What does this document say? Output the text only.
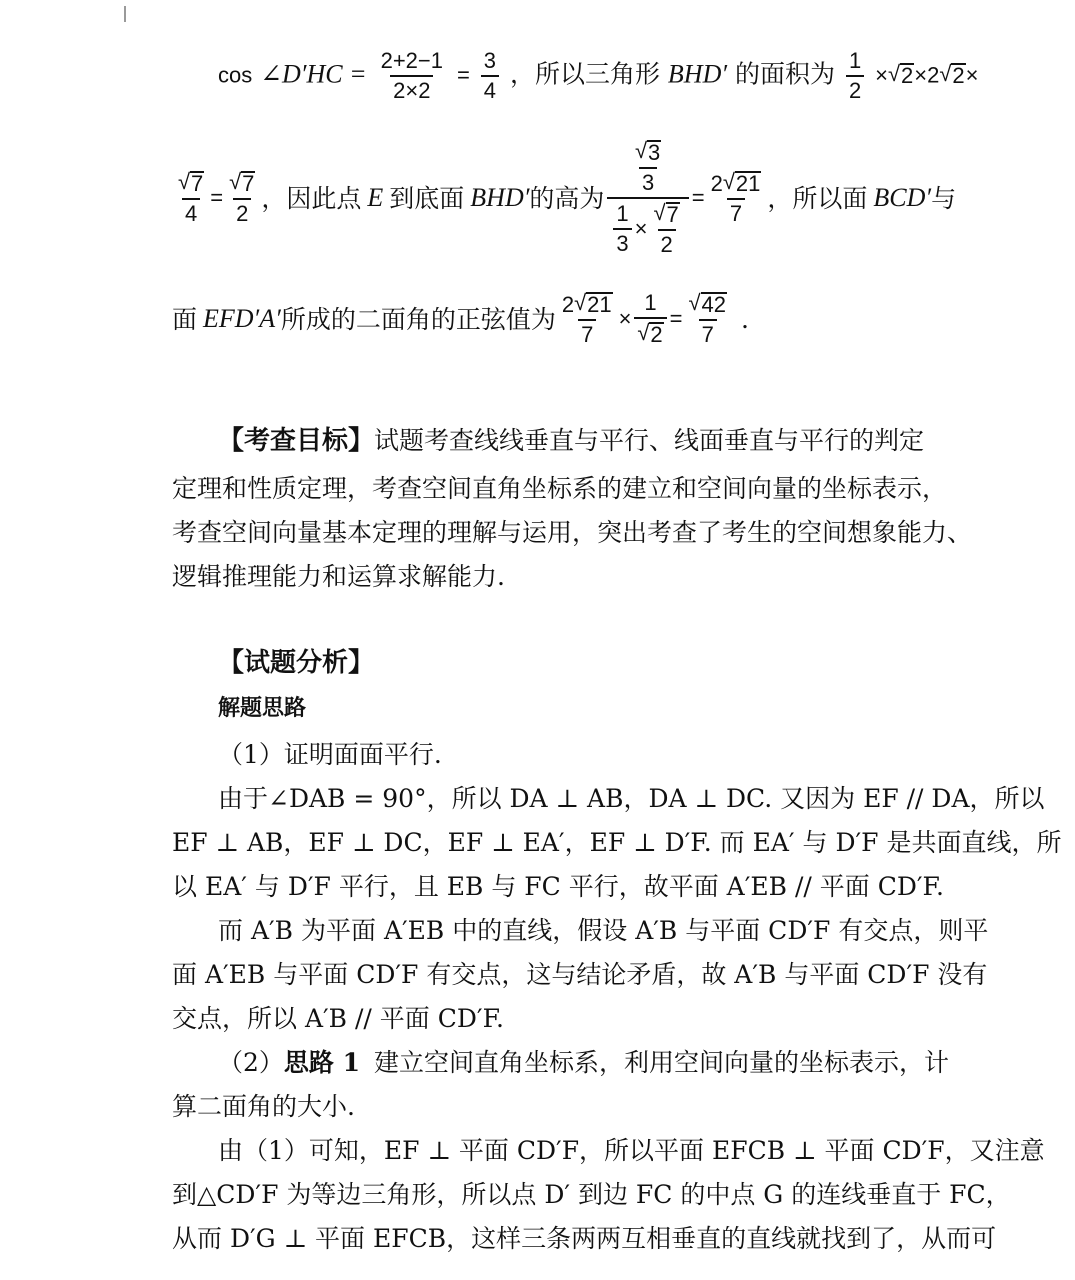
cos ∠D′HC = $\frac{2+2-1}{2\times 2} = \frac{3}{4}$ ，所以三角形 BHD′ 的面积为 $\frac{1}{2}$ ×√ 2×2√ 2×
√ $\frac{7}{4}$ =
√ $\frac{7}{2}$ ，因此点 E 到底面 BHD′ 的高为
√ $\frac{3}{3}$
$\frac{1}{3}$ ×
√ $\frac{7}{2} = \frac{2√ 21}{7}$ ，所以面 BCD′ 与
面 EFD′A′ 所成的二面角的正弦值为 $\frac{2√ 21}{7} \times 1$
√ 2 =
√ $\frac{42}{7}$ .
【考查目标】试题考查线线垂直与平行、线面垂直与平行的判定
定理和性质定理，考查空间直角坐标系的建立和空间向量的坐标表示，
考查空间向量基本定理的理解与运用，突出考查了考生的空间想象能力、
逻辑推理能力和运算求解能力.
【试题分析】
解题思路
（1）证明面面平行.
由于∠DAB = 90°，所以 DA ⊥ AB，DA ⊥ DC. 又因为 EF // DA，所以
EF ⊥ AB，EF ⊥ DC，EF ⊥ EA′，EF ⊥ D′F. 而 EA′ 与 D′F 是共面直线，所
以 EA′ 与 D′F 平行，且 EB 与 FC 平行，故平面 A′EB // 平面 CD′F.
而 A′B 为平面 A′EB 中的直线，假设 A′B 与平面 CD′F 有交点，则平
面 A′EB 与平面 CD′F 有交点，这与结论矛盾，故 A′B 与平面 CD′F 没有
交点，所以 A′B // 平面 CD′F.
（2）思路 1 建立空间直角坐标系，利用空间向量的坐标表示，计
算二面角的大小.
由（1）可知，EF ⊥ 平面 CD′F，所以平面 EFCB ⊥ 平面 CD′F，又注意
到△CD′F 为等边三角形，所以点 D′ 到边 FC 的中点 G 的连线垂直于 FC，
从而 D′G ⊥ 平面 EFCB，这样三条两两互相垂直的直线就找到了，从而可
